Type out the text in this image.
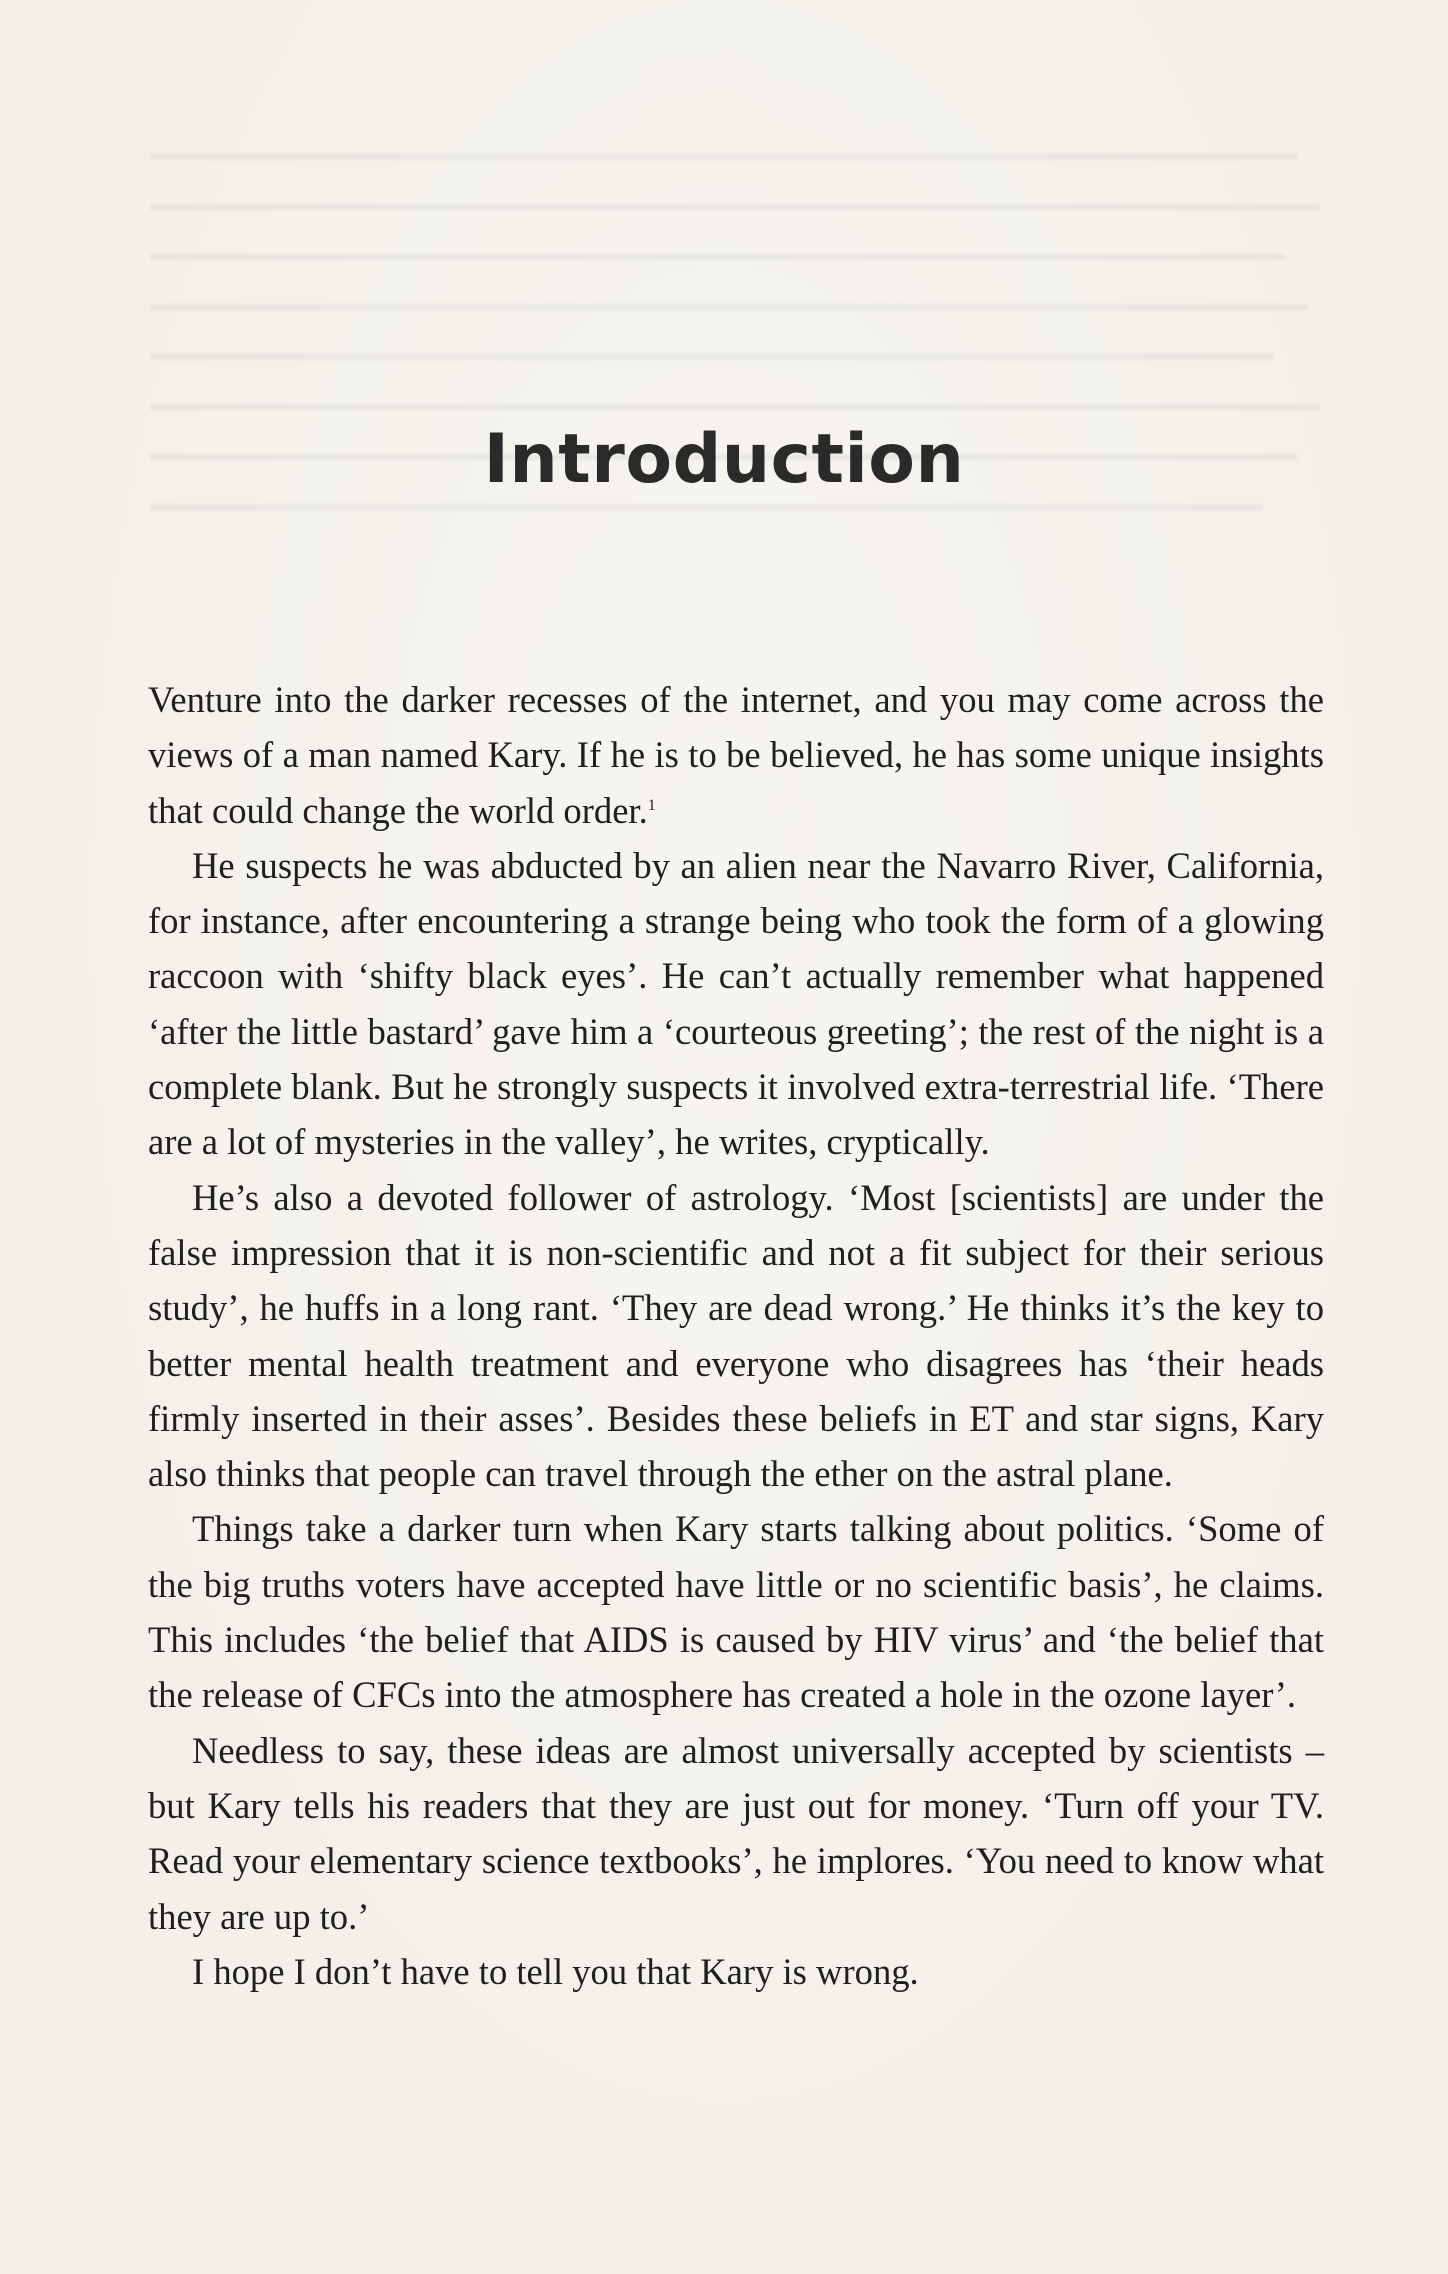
Introduction

Venture into the darker recesses of the internet, and you may come across the views of a man named Kary. If he is to be believed, he has some unique insights that could change the world order.$^1$

He suspects he was abducted by an alien near the Navarro River, California, for instance, after encountering a strange being who took the form of a glowing raccoon with ‘shifty black eyes’. He can’t actually remember what happened ‘after the little bastard’ gave him a ‘courteous greeting’; the rest of the night is a complete blank. But he strongly suspects it involved extra-terrestrial life. ‘There are a lot of mysteries in the valley’, he writes, cryptically.

He’s also a devoted follower of astrology. ‘Most [scientists] are under the false impression that it is non-scientific and not a fit subject for their serious study’, he huffs in a long rant. ‘They are dead wrong.’ He thinks it’s the key to better mental health treatment and everyone who disagrees has ‘their heads firmly inserted in their asses’. Besides these beliefs in ET and star signs, Kary also thinks that people can travel through the ether on the astral plane.

Things take a darker turn when Kary starts talking about politics. ‘Some of the big truths voters have accepted have little or no scientific basis’, he claims. This includes ‘the belief that AIDS is caused by HIV virus’ and ‘the belief that the release of CFCs into the atmosphere has created a hole in the ozone layer’.

Needless to say, these ideas are almost universally accepted by scientists – but Kary tells his readers that they are just out for money. ‘Turn off your TV. Read your elementary science textbooks’, he implores. ‘You need to know what they are up to.’

I hope I don’t have to tell you that Kary is wrong.
